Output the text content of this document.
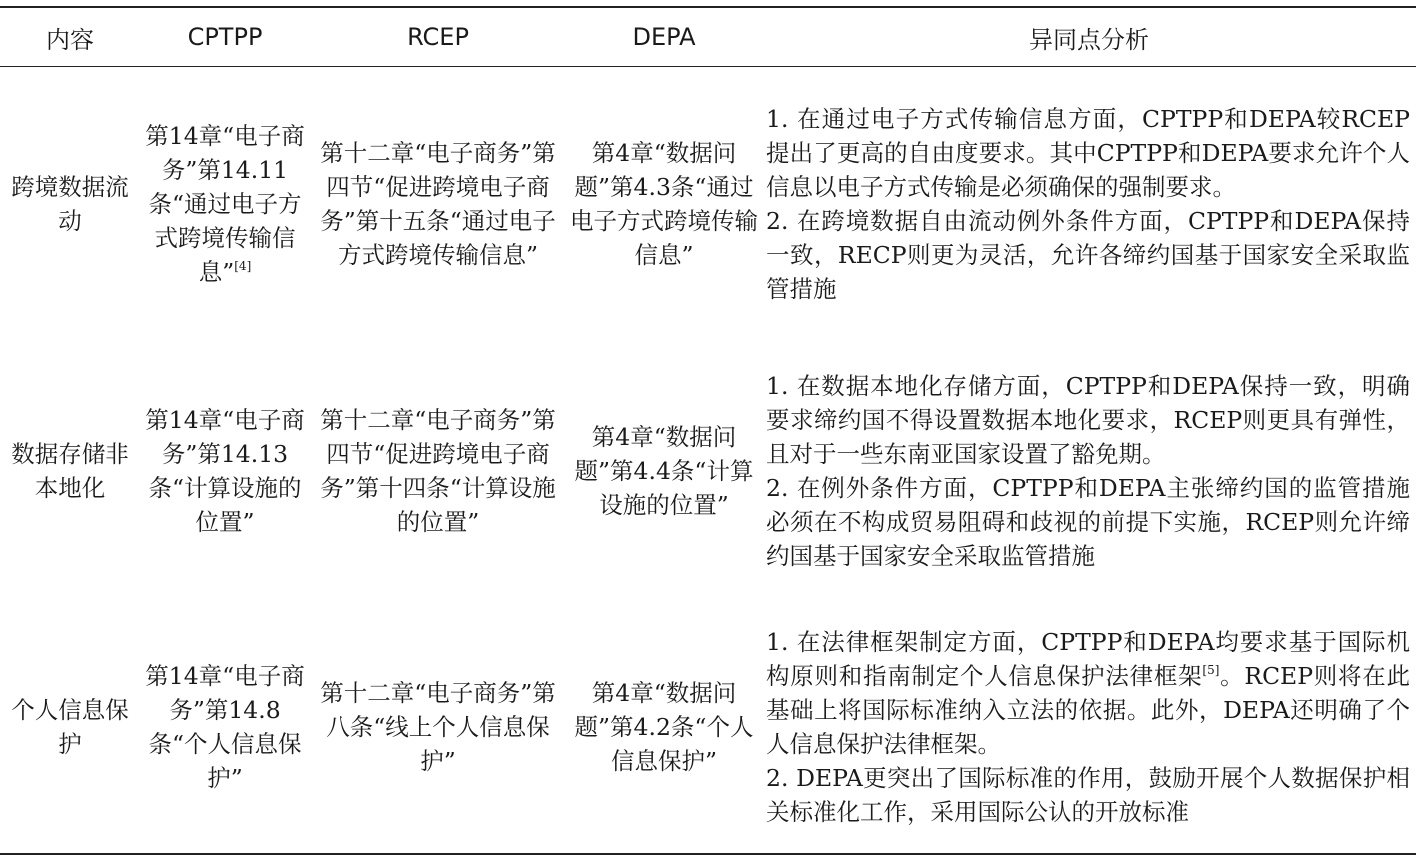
内容	CPTPP	RCEP	DEPA	异同点分析
跨境数据流动	第14章“电子商务”第14.11条“通过电子方式跨境传输信息”[4]	第十二章“电子商务”第四节“促进跨境电子商务”第十五条“通过电子方式跨境传输信息”	第4章“数据问题”第4.3条“通过电子方式跨境传输信息”	1. 在通过电子方式传输信息方面，CPTPP和DEPA较RCEP提出了更高的自由度要求。其中CPTPP和DEPA要求允许个人信息以电子方式传输是必须确保的强制要求。
2. 在跨境数据自由流动例外条件方面，CPTPP和DEPA保持一致，RECP则更为灵活，允许各缔约国基于国家安全采取监管措施

数据存储非本地化	第14章“电子商务”第14.13条“计算设施的位置”	第十二章“电子商务”第四节“促进跨境电子商务”第十四条“计算设施的位置”	第4章“数据问题”第4.4条“计算设施的位置”	1. 在数据本地化存储方面，CPTPP和DEPA保持一致，明确要求缔约国不得设置数据本地化要求，RCEP则更具有弹性，且对于一些东南亚国家设置了豁免期。
2. 在例外条件方面，CPTPP和DEPA主张缔约国的监管措施必须在不构成贸易阻碍和歧视的前提下实施，RCEP则允许缔约国基于国家安全采取监管措施

个人信息保护	第14章“电子商务”第14.8条“个人信息保护”	第十二章“电子商务”第八条“线上个人信息保护”	第4章“数据问题”第4.2条“个人信息保护”	1. 在法律框架制定方面，CPTPP和DEPA均要求基于国际机构原则和指南制定个人信息保护法律框架[5]。RCEP则将在此基础上将国际标准纳入立法的依据。此外，DEPA还明确了个人信息保护法律框架。
2. DEPA更突出了国际标准的作用，鼓励开展个人数据保护相关标准化工作，采用国际公认的开放标准
